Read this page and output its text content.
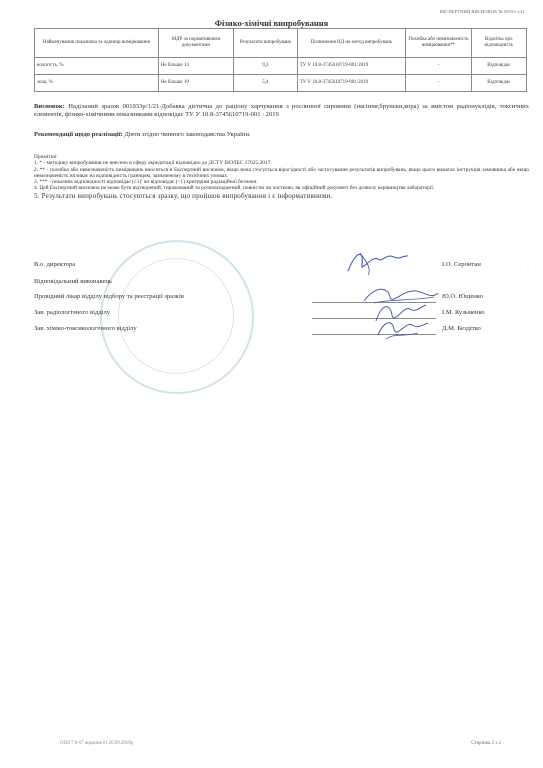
ЕКСПЕРТНИЙ ВИСНОВОК № 00193 з/21
Фізико-хімічні випробування
Найменування показника за одиниці вимірювання	МДР за нормативними документами	Результати випробувань	Позначення НД на метод випробувань	Похибка або невизначеність вимірювання**	Відмітка про відповідність
вологість, %	Не більше 14	9,2	ТУ У 10.8-3745610719-001:2019	-	Відповідає
зола, %	Не більше 10	5,4	ТУ У 10.8-3745610719-001:2019	-	Відповідає
Висновок: Наділаний зразок 001933р/1/21-Добавка дієтична до раціону харчування з рослинної сировини (насіння,бруньки,кора) за вмістом радіонуклідів, токсичних елементів, фізико-хімічними показниками відповідає ТУ У 10.8-3745610719-001 : 2019
Рекомендації щодо реалізації: Діяти згідно чинного законодавства України.
·
Примітки:
1. * - методику випробування не внесено в сферу акредитації відповідно до ДСТУ ISO/IEC 17025:2017.
2. ** - похибка або невизначеність вимірювань вноситься в Експертний висновок, якщо вона стосується вірогідності або застосування результатів випробувань, якщо цього вимагає інструкція замовника або якщо невизначеність впливає на відповідність границям, зазначеному в технічних умовах.
3. *** - показник відповідності відповідає (≤1)' чи відповідає (>1) критеріям радіаційної безпеки.
4. Цей Експертний висновок не може бути відтворений, тиражований та розповсюджений, повністю чи частково, як офіційний документ без дозволу керівництва лабораторії.
5. Результати випробувань стосуються зразку, що пройшов випробування і є інформативними.
В.о. директора	І.О. Серонтан
·
Відповідальний виконавець
Провідний лікар відділу відбору та реєстрації зразків	Ю.О. Ющенко
Зав. радіологічного відділу	І.М. Кузьменко
Зав. хіміко-токсикологічного відділу	Д.М. Бездітко
ОПЛ 7.8-07 видання 01.20.09.2019р	Сторінка 2 з 2
